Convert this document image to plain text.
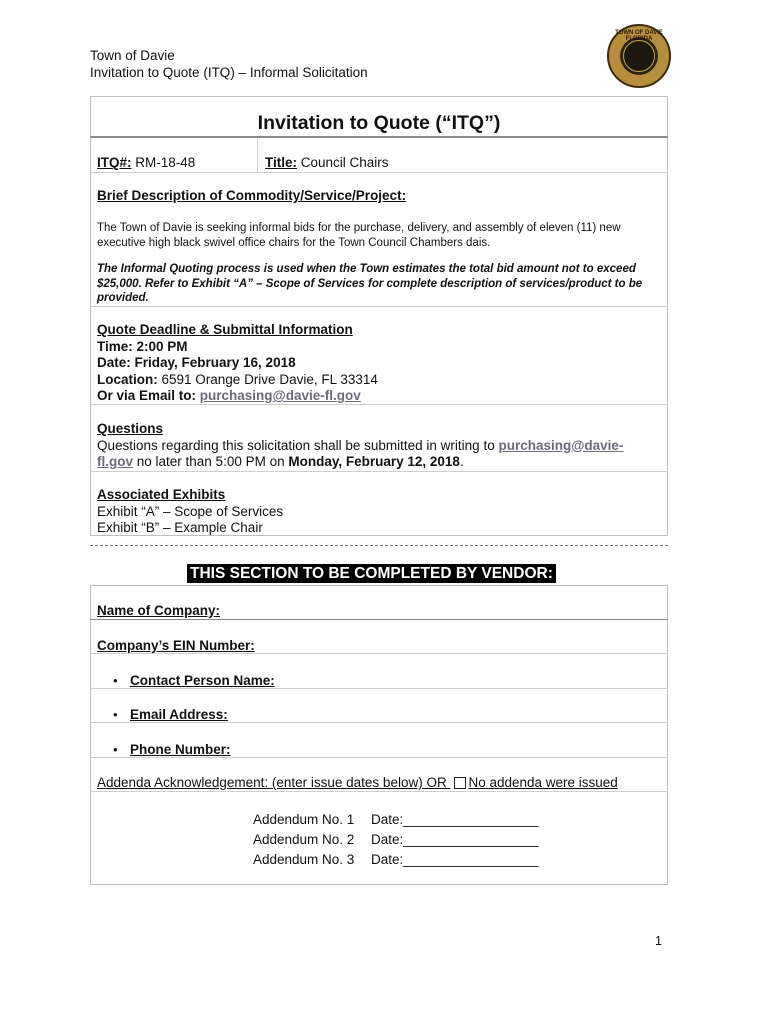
Town of Davie
Invitation to Quote (ITQ) – Informal Solicitation
TOWN OF DAVIE FLORIDA
Invitation to Quote (“ITQ”)
ITQ#: RM-18-48	Title: Council Chairs
Brief Description of Commodity/Service/Project:
The Town of Davie is seeking informal bids for the purchase, delivery, and assembly of eleven (11) new executive high black swivel office chairs for the Town Council Chambers dais.
The Informal Quoting process is used when the Town estimates the total bid amount not to exceed $25,000. Refer to Exhibit “A” – Scope of Services for complete description of services/product to be provided.
Quote Deadline & Submittal Information
Time: 2:00 PM
Date: Friday, February 16, 2018
Location: 6591 Orange Drive Davie, FL 33314
Or via Email to: purchasing@davie-fl.gov
Questions
Questions regarding this solicitation shall be submitted in writing to purchasing@davie-
fl.gov no later than 5:00 PM on Monday, February 12, 2018.
Associated Exhibits
Exhibit “A” – Scope of Services
Exhibit “B” – Example Chair
THIS SECTION TO BE COMPLETED BY VENDOR:
Name of Company:
Company’s EIN Number:
• Contact Person Name:
• Email Address:
• Phone Number:
Addenda Acknowledgement: (enter issue dates below) OR No addenda were issued
Addendum No. 1 Date:__________________
Addendum No. 2 Date:__________________
Addendum No. 3 Date:__________________
1
